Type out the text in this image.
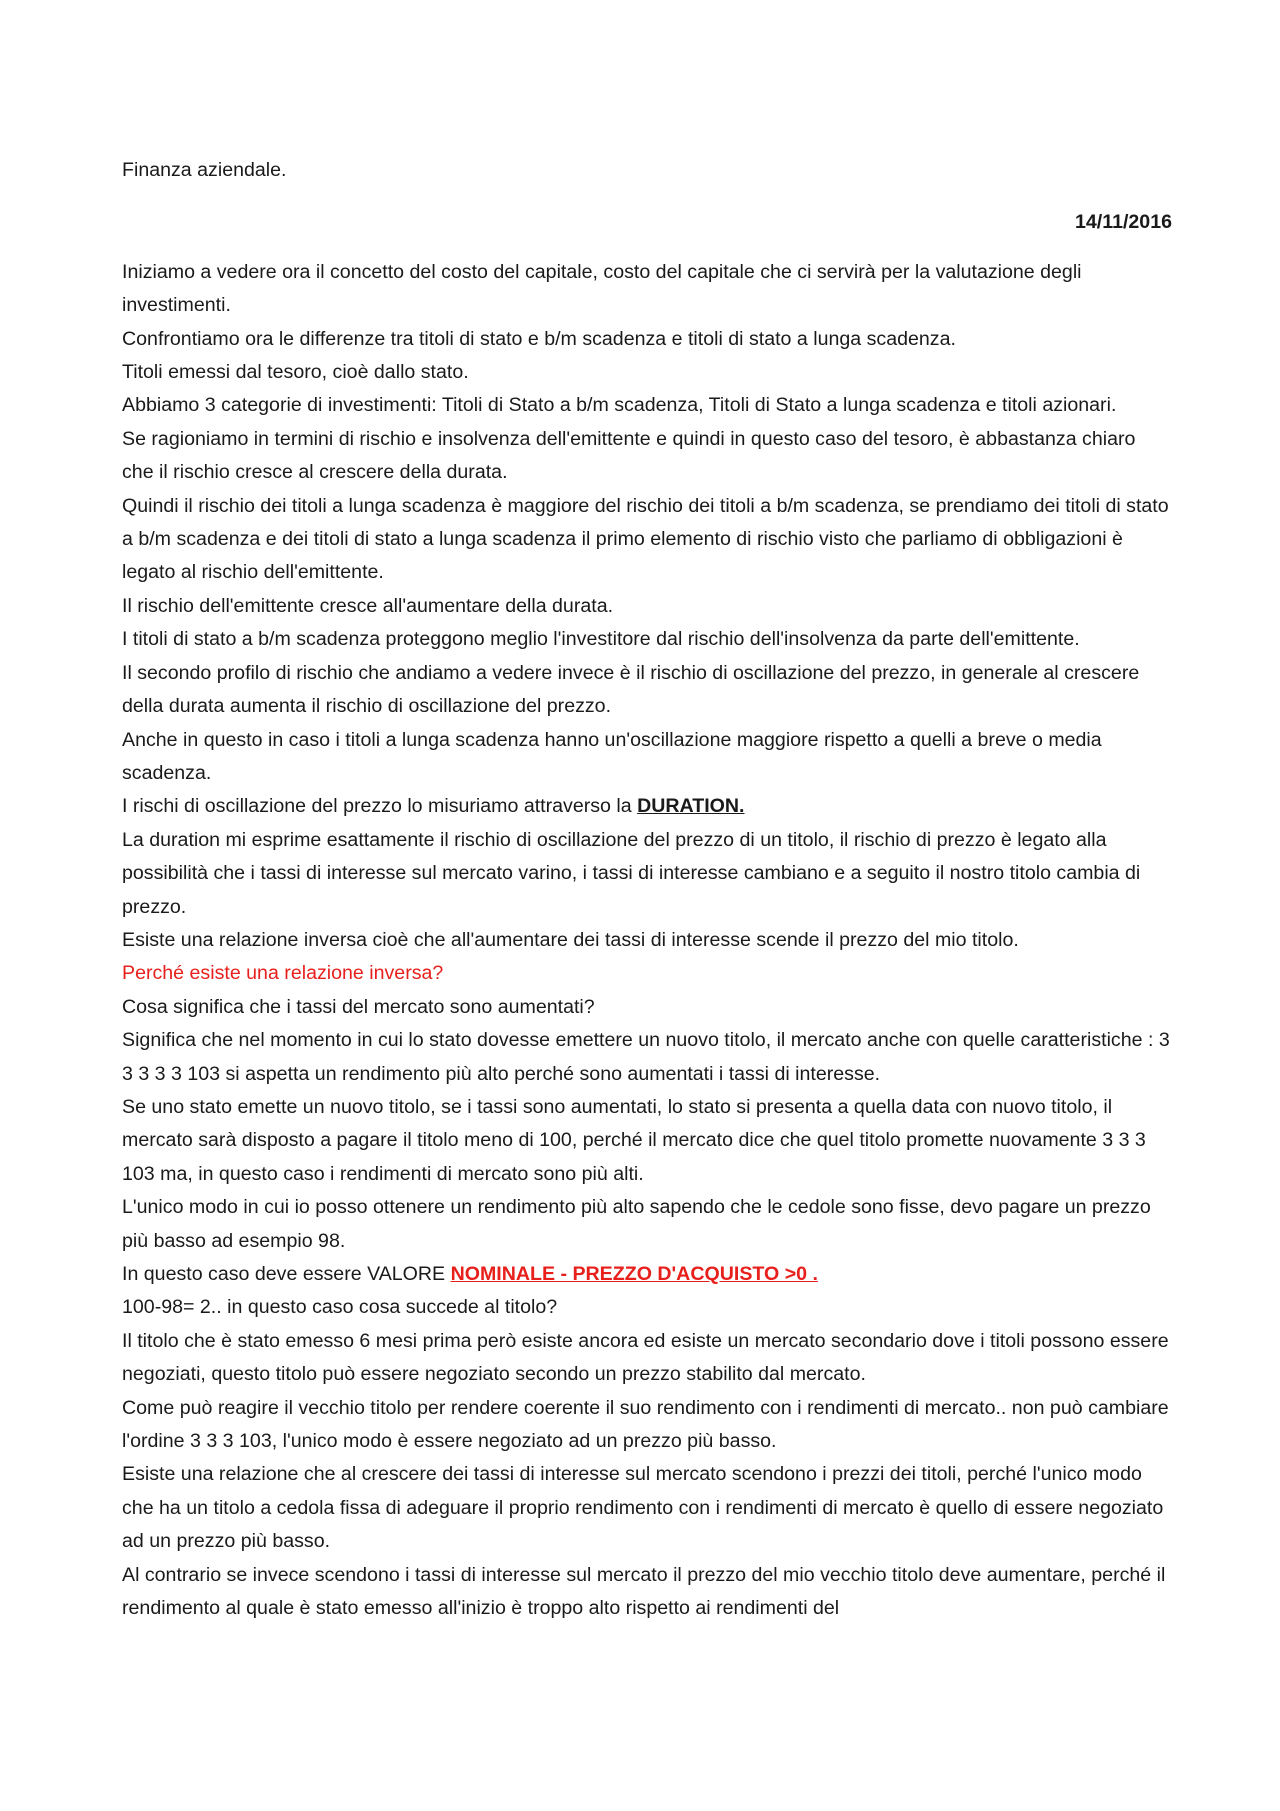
Finanza aziendale.

14/11/2016

Iniziamo a vedere ora il concetto del costo del capitale, costo del capitale che ci servirà per la valutazione degli investimenti.

Confrontiamo ora le differenze tra titoli di stato e b/m scadenza e titoli di stato a lunga scadenza.

Titoli emessi dal tesoro, cioè dallo stato.

Abbiamo 3 categorie di investimenti: Titoli di Stato a b/m scadenza, Titoli di Stato a lunga scadenza e titoli azionari.

Se ragioniamo in termini di rischio e insolvenza dell'emittente e quindi in questo caso del tesoro, è abbastanza chiaro che il rischio cresce al crescere della durata.

Quindi il rischio dei titoli a lunga scadenza è maggiore del rischio dei titoli a b/m scadenza, se prendiamo dei titoli di stato a b/m scadenza e dei titoli di stato a lunga scadenza il primo elemento di rischio visto che parliamo di obbligazioni è legato al rischio dell'emittente.

Il rischio dell'emittente cresce all'aumentare della durata.

I titoli di stato a b/m scadenza proteggono meglio l'investitore dal rischio dell'insolvenza da parte dell'emittente.

Il secondo profilo di rischio che andiamo a vedere invece è il rischio di oscillazione del prezzo, in generale al crescere della durata aumenta il rischio di oscillazione del prezzo.

Anche in questo in caso i titoli a lunga scadenza hanno un'oscillazione maggiore rispetto a quelli a breve o media scadenza.

I rischi di oscillazione del prezzo lo misuriamo attraverso la DURATION.

La duration mi esprime esattamente il rischio di oscillazione del prezzo di un titolo, il rischio di prezzo è legato alla possibilità che i tassi di interesse sul mercato varino, i tassi di interesse cambiano e a seguito il nostro titolo cambia di prezzo.

Esiste una relazione inversa cioè che all'aumentare dei tassi di interesse scende il prezzo del mio titolo.

Perché esiste una relazione inversa?

Cosa significa che i tassi del mercato sono aumentati?

Significa che nel momento in cui lo stato dovesse emettere un nuovo titolo, il mercato anche con quelle caratteristiche : 3 3 3 3 3 103 si aspetta un rendimento più alto perché sono aumentati i tassi di interesse.

Se uno stato emette un nuovo titolo, se i tassi sono aumentati, lo stato si presenta a quella data con nuovo titolo, il mercato sarà disposto a pagare il titolo meno di 100, perché il mercato dice che quel titolo promette nuovamente 3 3 3 103 ma, in questo caso i rendimenti di mercato sono più alti.

L'unico modo in cui io posso ottenere un rendimento più alto sapendo che le cedole sono fisse, devo pagare un prezzo più basso ad esempio 98.

In questo caso deve essere VALORE NOMINALE - PREZZO D'ACQUISTO >0 .

100-98= 2.. in questo caso cosa succede al titolo?

Il titolo che è stato emesso 6 mesi prima però esiste ancora ed esiste un mercato secondario dove i titoli possono essere negoziati, questo titolo può essere negoziato secondo un prezzo stabilito dal mercato.

Come può reagire il vecchio titolo per rendere coerente il suo rendimento con i rendimenti di mercato.. non può cambiare l'ordine 3 3 3 103, l'unico modo è essere negoziato ad un prezzo più basso.

Esiste una relazione che al crescere dei tassi di interesse sul mercato scendono i prezzi dei titoli, perché l'unico modo che ha un titolo a cedola fissa di adeguare il proprio rendimento con i rendimenti di mercato è quello di essere negoziato ad un prezzo più basso.

Al contrario se invece scendono i tassi di interesse sul mercato il prezzo del mio vecchio titolo deve aumentare, perché il rendimento al quale è stato emesso all'inizio è troppo alto rispetto ai rendimenti del
